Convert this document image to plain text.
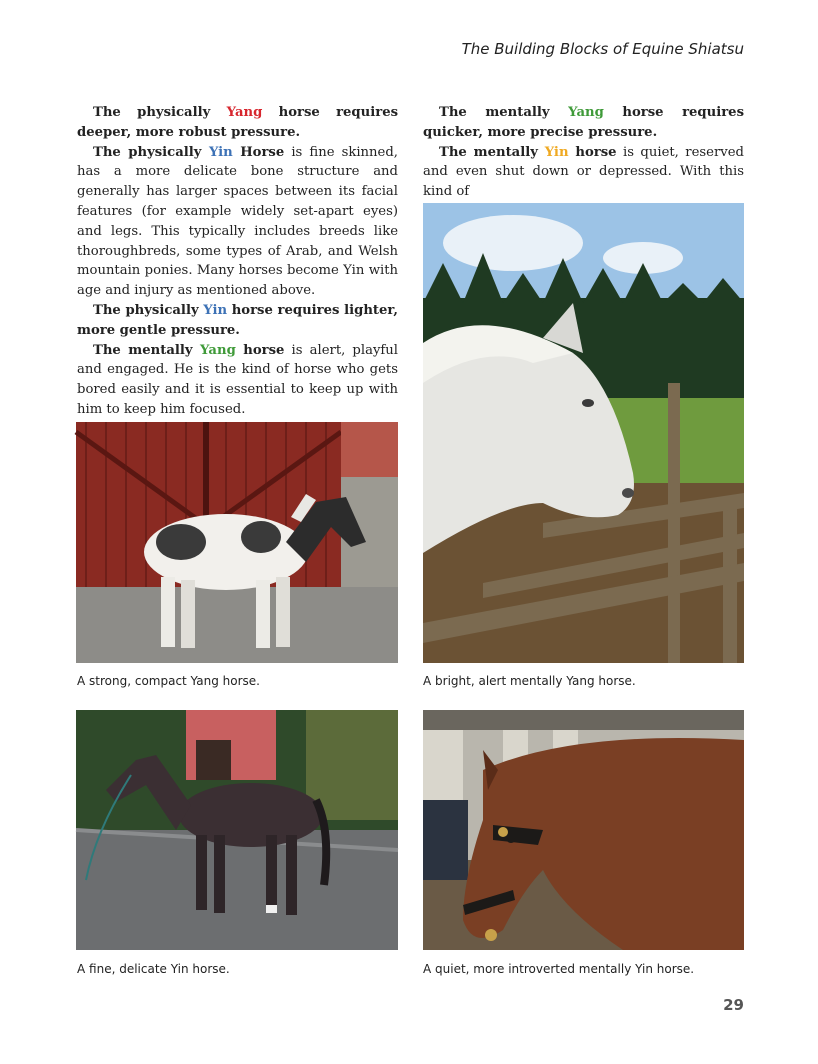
The Building Blocks of Equine Shiatsu

The physically Yang horse requires deeper, more robust pressure.

The physically Yin Horse is fine skinned, has a more delicate bone structure and generally has larger spaces between its facial features (for example widely set-apart eyes) and legs. This typically includes breeds like thoroughbreds, some types of Arab, and Welsh mountain ponies. Many horses become Yin with age and injury as mentioned above.

The physically Yin horse requires lighter, more gentle pressure.

The mentally Yang horse is alert, playful and engaged. He is the kind of horse who gets bored easily and it is essential to keep up with him to keep him focused.

The mentally Yang horse requires quicker, more precise pressure.

The mentally Yin horse is quiet, reserved and even shut down or depressed. With this kind of

A strong, compact Yang horse.	A bright, alert mentally Yang horse.
A fine, delicate Yin horse.	A quiet, more introverted mentally Yin horse.
29
